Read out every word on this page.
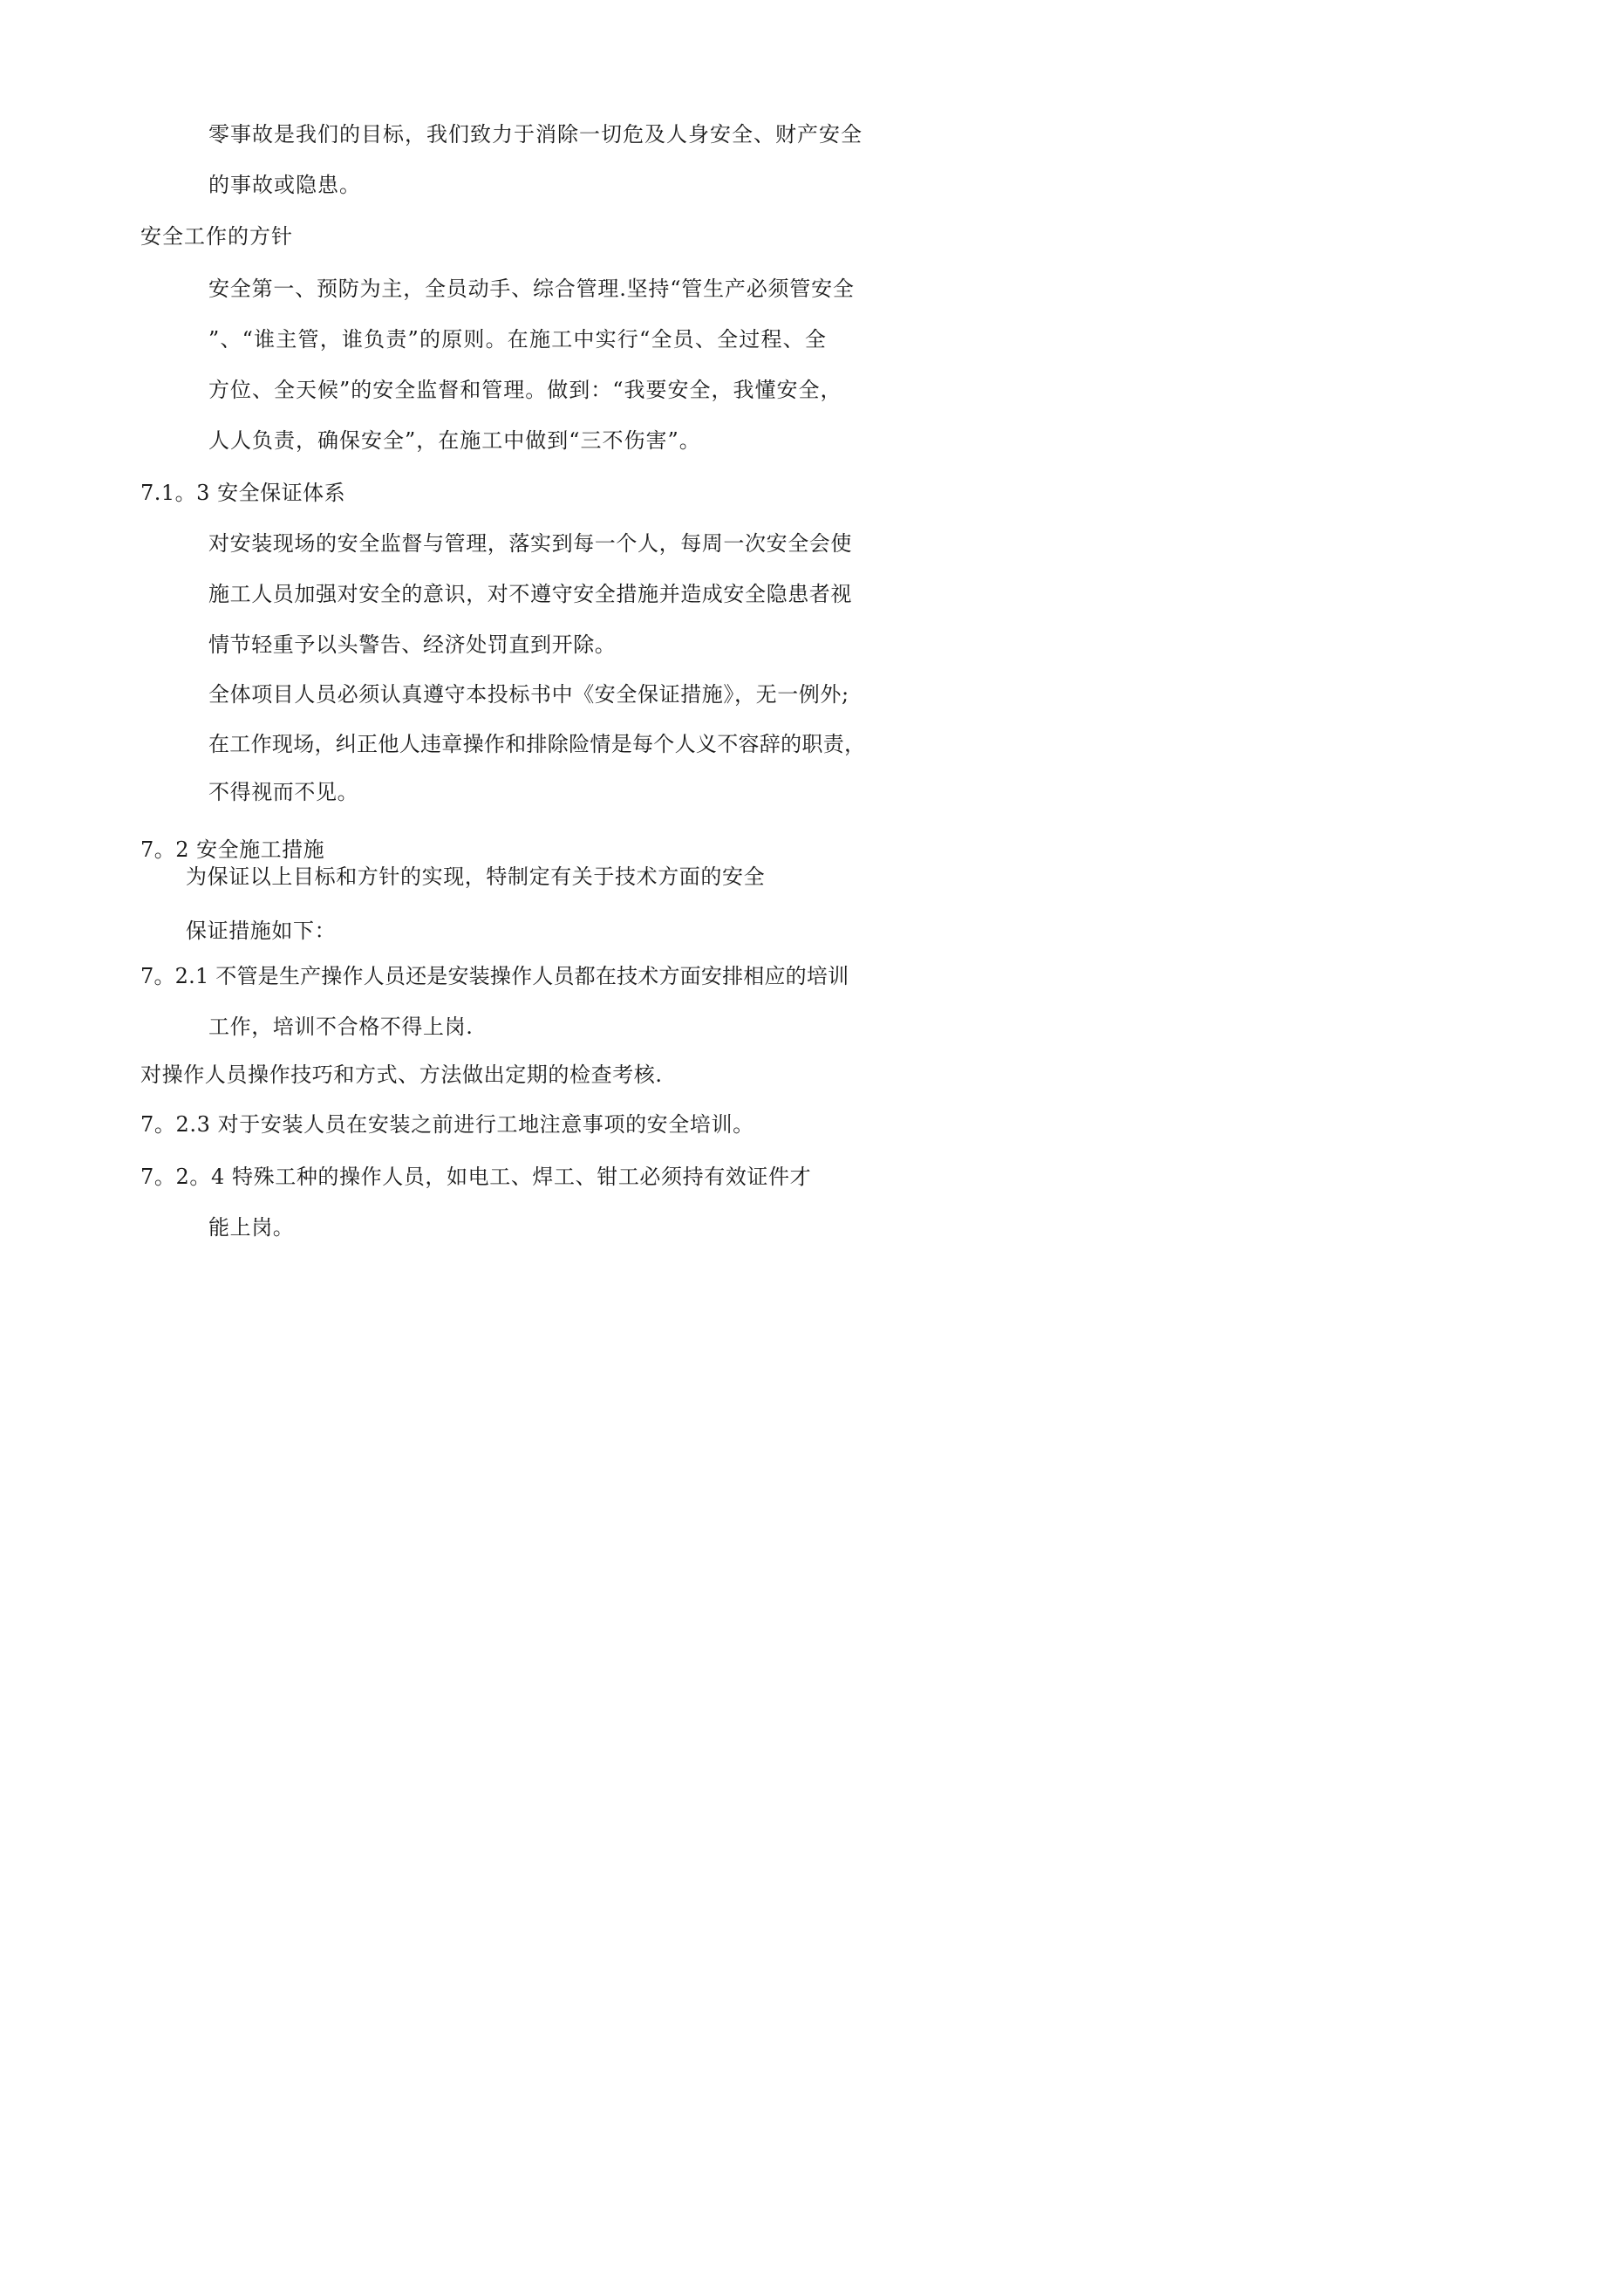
零事故是我们的目标，我们致力于消除一切危及人身安全、财产安全

的事故或隐患。

安全工作的方针

安全第一、预防为主，全员动手、综合管理.坚持“管生产必须管安全

”、“谁主管，谁负责”的原则。在施工中实行“全员、全过程、全

方位、全天候”的安全监督和管理。做到：“我要安全，我懂安全，

人人负责，确保安全”，在施工中做到“三不伤害”。

7.1。3 安全保证体系

对安装现场的安全监督与管理，落实到每一个人，每周一次安全会使

施工人员加强对安全的意识，对不遵守安全措施并造成安全隐患者视

情节轻重予以头警告、经济处罚直到开除。

全体项目人员必须认真遵守本投标书中《安全保证措施》，无一例外;

在工作现场，纠正他人违章操作和排除险情是每个人义不容辞的职责，

不得视而不见。

7。2 安全施工措施

为保证以上目标和方针的实现，特制定有关于技术方面的安全

保证措施如下：

7。2.1 不管是生产操作人员还是安装操作人员都在技术方面安排相应的培训

工作，培训不合格不得上岗.

对操作人员操作技巧和方式、方法做出定期的检查考核.

7。2.3 对于安装人员在安装之前进行工地注意事项的安全培训。

7。2。4 特殊工种的操作人员，如电工、焊工、钳工必须持有效证件才

能上岗。
